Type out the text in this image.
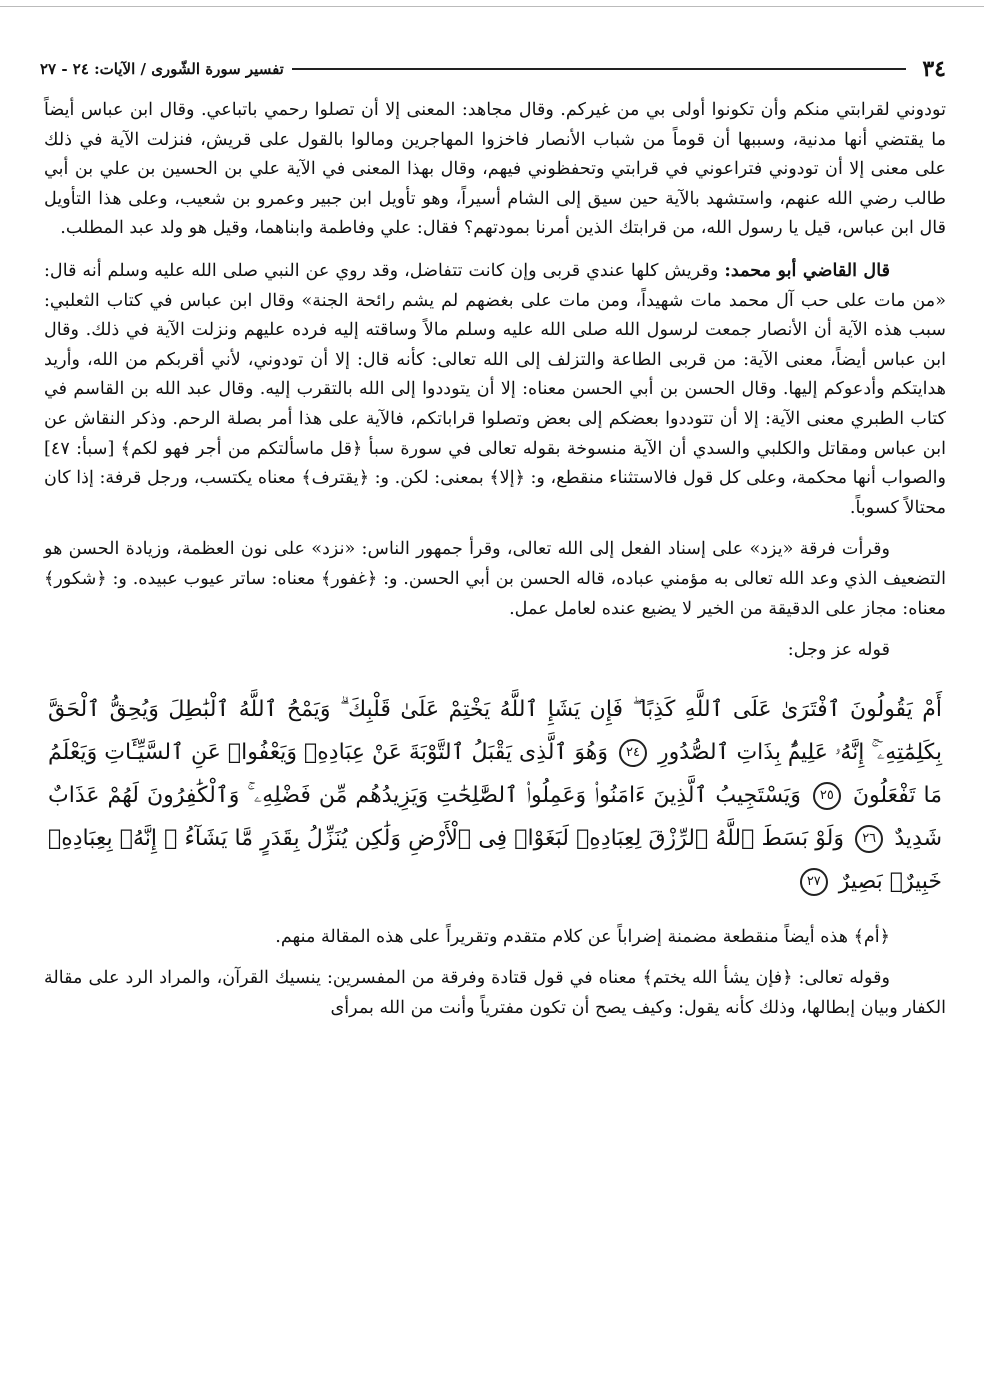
٣٤
تفسير سورة الشّورى / الآيات: ٢٤ - ٢٧

تودوني لقرابتي منكم وأن تكونوا أولى بي من غيركم. وقال مجاهد: المعنى إلا أن تصلوا رحمي باتباعي. وقال ابن عباس أيضاً ما يقتضي أنها مدنية، وسببها أن قوماً من شباب الأنصار فاخزوا المهاجرين ومالوا بالقول على قريش، فنزلت الآية في ذلك على معنى إلا أن تودوني فتراعوني في قرابتي وتحفظوني فيهم، وقال بهذا المعنى في الآية علي بن الحسين بن علي بن أبي طالب رضي الله عنهم، واستشهد بالآية حين سيق إلى الشام أسيراً، وهو تأويل ابن جبير وعمرو بن شعيب، وعلى هذا التأويل قال ابن عباس، قيل يا رسول الله، من قرابتك الذين أمرنا بمودتهم؟ فقال: علي وفاطمة وابناهما، وقيل هو ولد عبد المطلب.

قال القاضي أبو محمد: وقريش كلها عندي قربى وإن كانت تتفاضل، وقد روي عن النبي صلى الله عليه وسلم أنه قال: «من مات على حب آل محمد مات شهيداً، ومن مات على بغضهم لم يشم رائحة الجنة» وقال ابن عباس في كتاب الثعلبي: سبب هذه الآية أن الأنصار جمعت لرسول الله صلى الله عليه وسلم مالاً وساقته إليه فرده عليهم ونزلت الآية في ذلك. وقال ابن عباس أيضاً، معنى الآية: من قربى الطاعة والتزلف إلى الله تعالى: كأنه قال: إلا أن تودوني، لأني أقربكم من الله، وأريد هدايتكم وأدعوكم إليها. وقال الحسن بن أبي الحسن معناه: إلا أن يتوددوا إلى الله بالتقرب إليه. وقال عبد الله بن القاسم في كتاب الطبري معنى الآية: إلا أن تتوددوا بعضكم إلى بعض وتصلوا قراباتكم، فالآية على هذا أمر بصلة الرحم. وذكر النقاش عن ابن عباس ومقاتل والكلبي والسدي أن الآية منسوخة بقوله تعالى في سورة سبأ ﴿قل ماسألتكم من أجر فهو لكم﴾ [سبأ: ٤٧] والصواب أنها محكمة، وعلى كل قول فالاستثناء منقطع، و: ﴿إلا﴾ بمعنى: لكن. و: ﴿يقترف﴾ معناه يكتسب، ورجل قرفة: إذا كان محتالاً كسوباً.

وقرأت فرقة «يزد» على إسناد الفعل إلى الله تعالى، وقرأ جمهور الناس: «نزد» على نون العظمة، وزيادة الحسن هو التضعيف الذي وعد الله تعالى به مؤمني عباده، قاله الحسن بن أبي الحسن. و: ﴿غفور﴾ معناه: ساتر عيوب عبيده. و: ﴿شكور﴾ معناه: مجاز على الدقيقة من الخير لا يضيع عنده لعامل عمل.

قوله عز وجل:

أَمْ يَقُولُونَ ٱفْتَرَىٰ عَلَى ٱللَّهِ كَذِبًا ۖ فَإِن يَشَإِ ٱللَّهُ يَخْتِمْ عَلَىٰ قَلْبِكَ ۗ وَيَمْحُ ٱللَّهُ ٱلْبَٰطِلَ وَيُحِقُّ ٱلْحَقَّ بِكَلِمَٰتِهِۦٓ ۚ إِنَّهُۥ عَلِيمٌۢ بِذَاتِ ٱلصُّدُورِ ٢٤ وَهُوَ ٱلَّذِى يَقْبَلُ ٱلتَّوْبَةَ عَنْ عِبَادِهِۦ وَيَعْفُوا۟ عَنِ ٱلسَّيِّـَٔاتِ وَيَعْلَمُ مَا تَفْعَلُونَ ٢٥ وَيَسْتَجِيبُ ٱلَّذِينَ ءَامَنُوا۟ وَعَمِلُوا۟ ٱلصَّٰلِحَٰتِ وَيَزِيدُهُم مِّن فَضْلِهِۦ ۚ وَٱلْكَٰفِرُونَ لَهُمْ عَذَابٌ شَدِيدٌ ٢٦ وَلَوْ بَسَطَ ٱللَّهُ ٱلرِّزْقَ لِعِبَادِهِۦ لَبَغَوْا۟ فِى ٱلْأَرْضِ وَلَٰكِن يُنَزِّلُ بِقَدَرٍ مَّا يَشَآءُ ۚ إِنَّهُۥ بِعِبَادِهِۦ خَبِيرٌۢ بَصِيرٌ ٢٧

﴿أم﴾ هذه أيضاً منقطعة مضمنة إضراباً عن كلام متقدم وتقريراً على هذه المقالة منهم.

وقوله تعالى: ﴿فإن يشأ الله يختم﴾ معناه في قول قتادة وفرقة من المفسرين: ينسيك القرآن، والمراد الرد على مقالة الكفار وبيان إبطالها، وذلك كأنه يقول: وكيف يصح أن تكون مفترياً وأنت من الله بمرأى
